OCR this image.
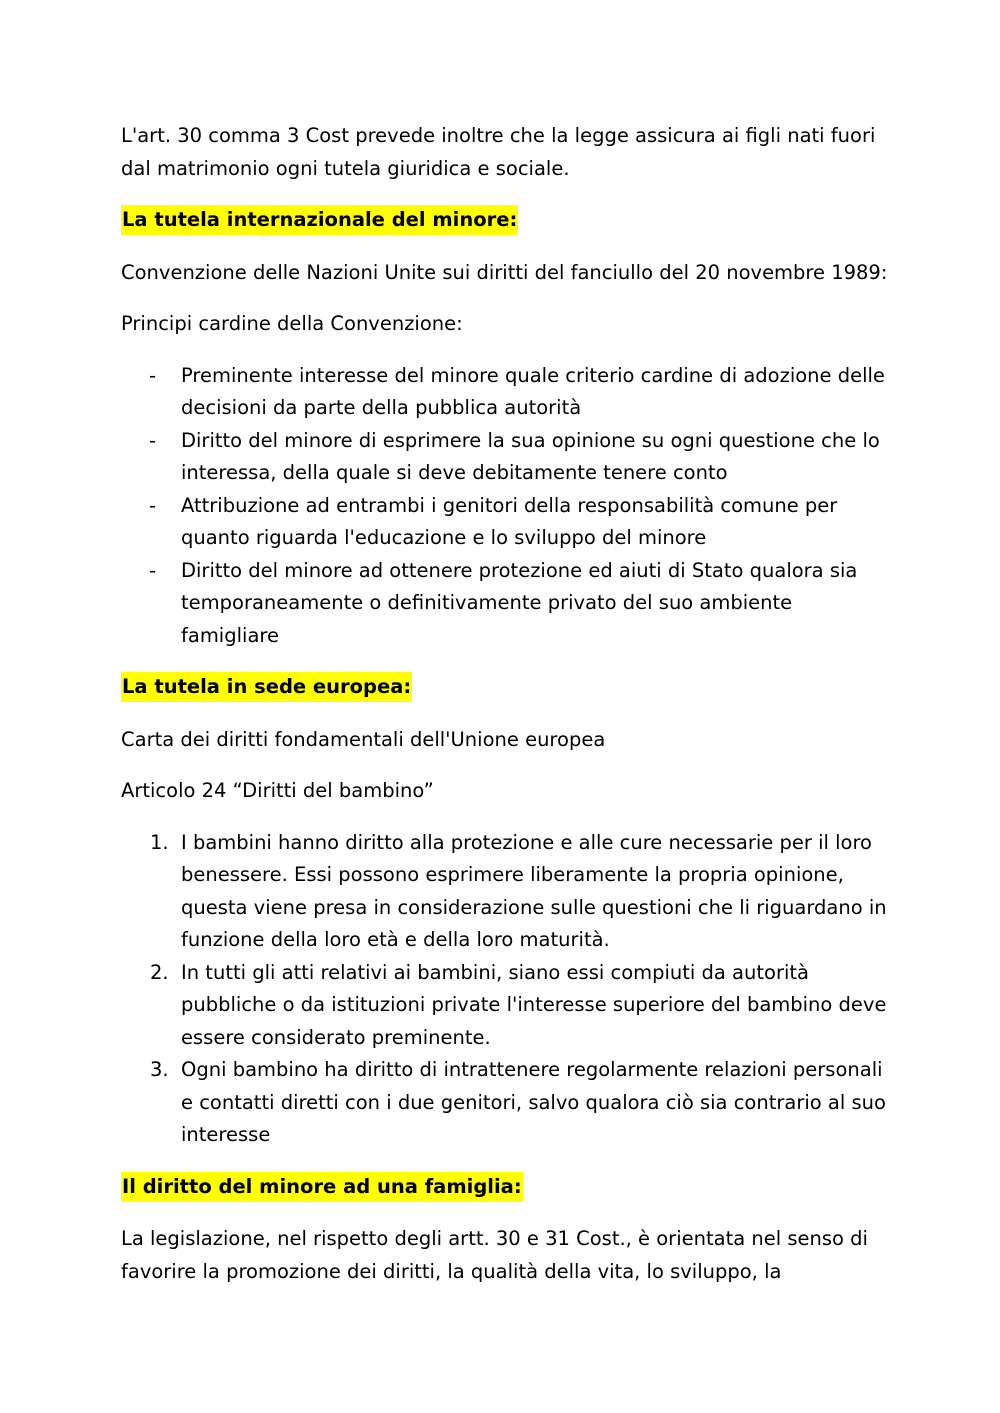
L'art. 30 comma 3 Cost prevede inoltre che la legge assicura ai figli nati fuori dal matrimonio ogni tutela giuridica e sociale.

La tutela internazionale del minore:

Convenzione delle Nazioni Unite sui diritti del fanciullo del 20 novembre 1989:

Principi cardine della Convenzione:

- Preminente interesse del minore quale criterio cardine di adozione delle decisioni da parte della pubblica autorità
- Diritto del minore di esprimere la sua opinione su ogni questione che lo interessa, della quale si deve debitamente tenere conto
- Attribuzione ad entrambi i genitori della responsabilità comune per quanto riguarda l'educazione e lo sviluppo del minore
- Diritto del minore ad ottenere protezione ed aiuti di Stato qualora sia temporaneamente o definitivamente privato del suo ambiente famigliare
La tutela in sede europea:

Carta dei diritti fondamentali dell'Unione europea

Articolo 24 “Diritti del bambino”

1. I bambini hanno diritto alla protezione e alle cure necessarie per il loro benessere. Essi possono esprimere liberamente la propria opinione, questa viene presa in considerazione sulle questioni che li riguardano in funzione della loro età e della loro maturità.
2. In tutti gli atti relativi ai bambini, siano essi compiuti da autorità pubbliche o da istituzioni private l'interesse superiore del bambino deve essere considerato preminente.
3. Ogni bambino ha diritto di intrattenere regolarmente relazioni personali e contatti diretti con i due genitori, salvo qualora ciò sia contrario al suo interesse
Il diritto del minore ad una famiglia:

La legislazione, nel rispetto degli artt. 30 e 31 Cost., è orientata nel senso di favorire la promozione dei diritti, la qualità della vita, lo sviluppo, la
